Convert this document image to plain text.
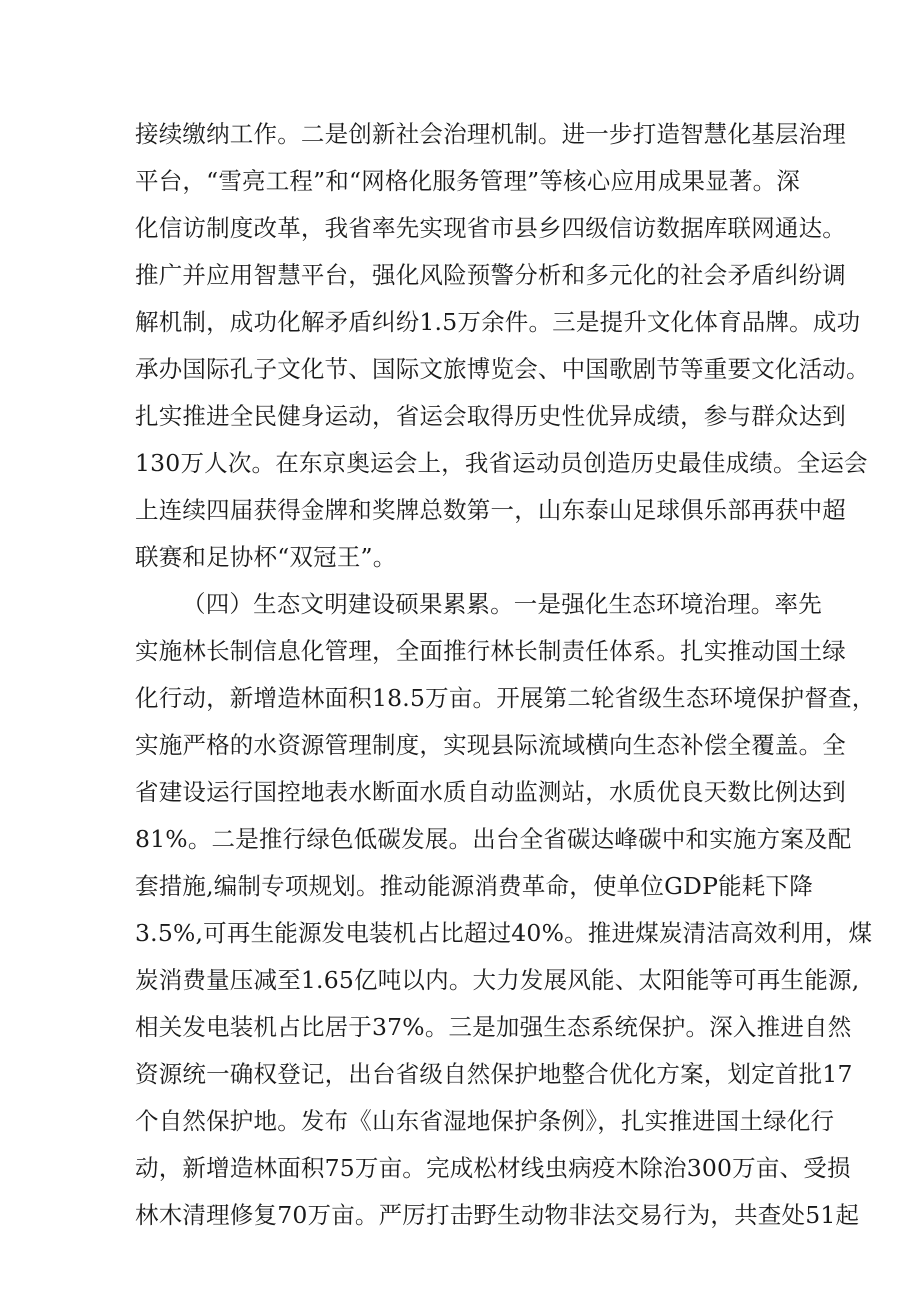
接续缴纳工作。二是创新社会治理机制。进一步打造智慧化基层治理
平台，“雪亮工程”和“网格化服务管理”等核心应用成果显著。深
化信访制度改革，我省率先实现省市县乡四级信访数据库联网通达。
推广并应用智慧平台，强化风险预警分析和多元化的社会矛盾纠纷调
解机制，成功化解矛盾纠纷1.5万余件。三是提升文化体育品牌。成功
承办国际孔子文化节、国际文旅博览会、中国歌剧节等重要文化活动。
扎实推进全民健身运动，省运会取得历史性优异成绩，参与群众达到
130万人次。在东京奥运会上，我省运动员创造历史最佳成绩。全运会
上连续四届获得金牌和奖牌总数第一，山东泰山足球俱乐部再获中超
联赛和足协杯“双冠王”。
（四）生态文明建设硕果累累。一是强化生态环境治理。率先
实施林长制信息化管理，全面推行林长制责任体系。扎实推动国土绿
化行动，新增造林面积18.5万亩。开展第二轮省级生态环境保护督查，
实施严格的水资源管理制度，实现县际流域横向生态补偿全覆盖。全
省建设运行国控地表水断面水质自动监测站，水质优良天数比例达到
81%。二是推行绿色低碳发展。出台全省碳达峰碳中和实施方案及配
套措施,编制专项规划。推动能源消费革命，使单位GDP能耗下降
3.5%,可再生能源发电装机占比超过40%。推进煤炭清洁高效利用，煤
炭消费量压减至1.65亿吨以内。大力发展风能、太阳能等可再生能源,
相关发电装机占比居于37%。三是加强生态系统保护。深入推进自然
资源统一确权登记，出台省级自然保护地整合优化方案，划定首批17
个自然保护地。发布《山东省湿地保护条例》，扎实推进国土绿化行
动，新增造林面积75万亩。完成松材线虫病疫木除治300万亩、受损
林木清理修复70万亩。严厉打击野生动物非法交易行为，共查处51起
